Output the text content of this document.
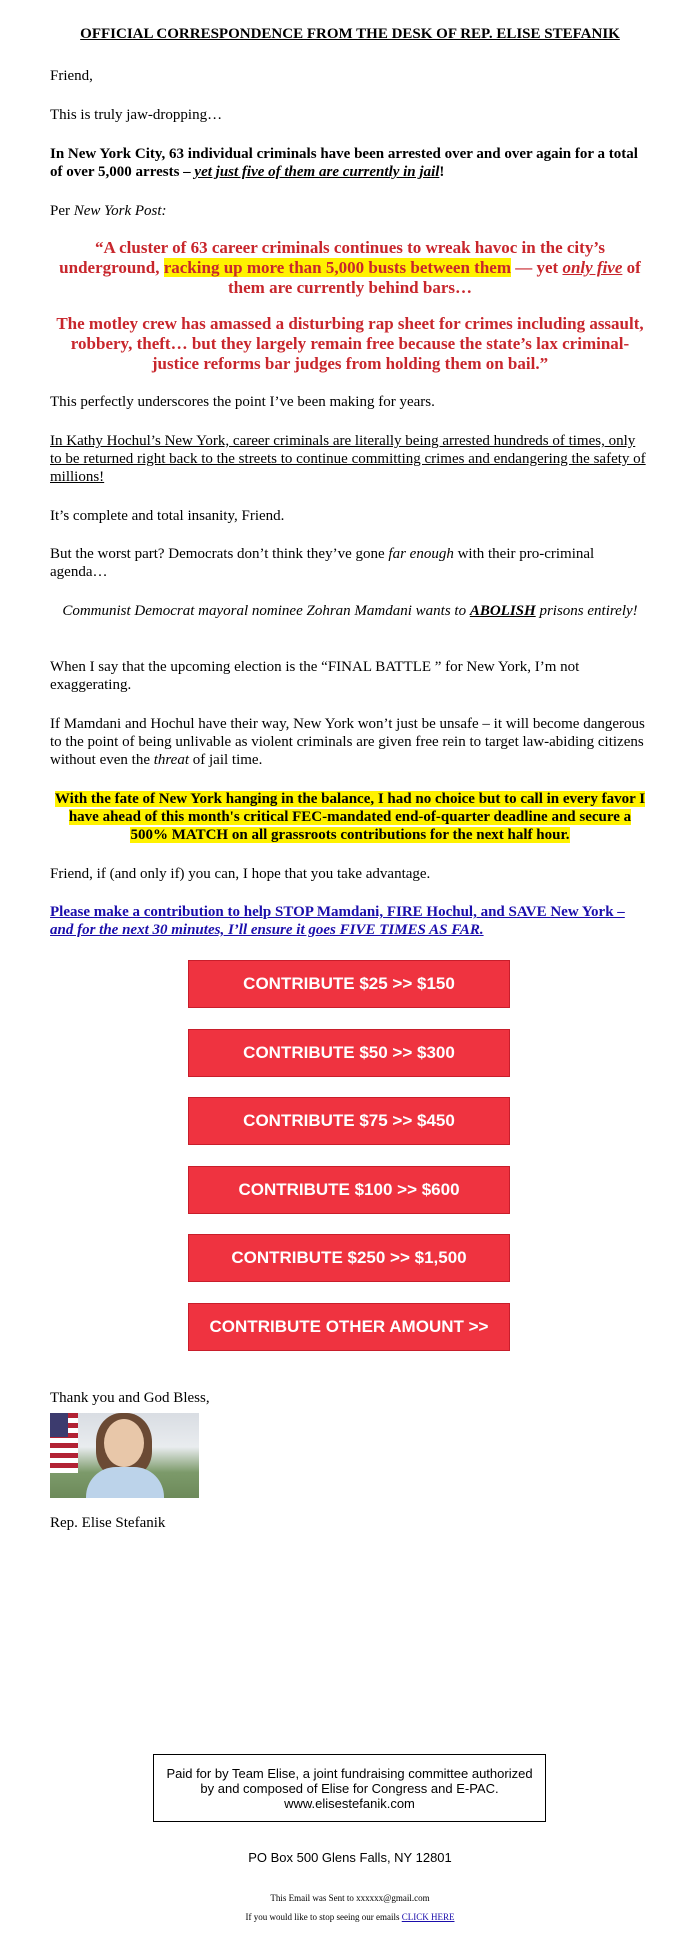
OFFICIAL CORRESPONDENCE FROM THE DESK OF REP. ELISE STEFANIK

Friend,

This is truly jaw-dropping…

In New York City, 63 individual criminals have been arrested over and over again for a total of over 5,000 arrests – yet just five of them are currently in jail!

Per New York Post:

“A cluster of 63 career criminals continues to wreak havoc in the city’s underground, racking up more than 5,000 busts between them — yet only five of them are currently behind bars…

The motley crew has amassed a disturbing rap sheet for crimes including assault, robbery, theft… but they largely remain free because the state’s lax criminal-justice reforms bar judges from holding them on bail.”

This perfectly underscores the point I’ve been making for years.

In Kathy Hochul’s New York, career criminals are literally being arrested hundreds of times, only to be returned right back to the streets to continue committing crimes and endangering the safety of millions!

It’s complete and total insanity, Friend.

But the worst part? Democrats don’t think they’ve gone far enough with their pro-criminal agenda…

Communist Democrat mayoral nominee Zohran Mamdani wants to ABOLISH prisons entirely!

When I say that the upcoming election is the “FINAL BATTLE ” for New York, I’m not exaggerating.

If Mamdani and Hochul have their way, New York won’t just be unsafe – it will become dangerous to the point of being unlivable as violent criminals are given free rein to target law-abiding citizens without even the threat of jail time.

With the fate of New York hanging in the balance, I had no choice but to call in every favor I have ahead of this month's critical FEC-mandated end-of-quarter deadline and secure a 500% MATCH on all grassroots contributions for the next half hour.

Friend, if (and only if) you can, I hope that you take advantage.

Please make a contribution to help STOP Mamdani, FIRE Hochul, and SAVE New York – and for the next 30 minutes, I’ll ensure it goes FIVE TIMES AS FAR.

CONTRIBUTE $25 >> $150
CONTRIBUTE $50 >> $300
CONTRIBUTE $75 >> $450
CONTRIBUTE $100 >> $600
CONTRIBUTE $250 >> $1,500
CONTRIBUTE OTHER AMOUNT >>

Thank you and God Bless,

Rep. Elise Stefanik

Paid for by Team Elise, a joint fundraising committee authorized by and composed of Elise for Congress and E-PAC. www.elisestefanik.com
PO Box 500 Glens Falls, NY 12801
This Email was Sent to xxxxxx@gmail.com
If you would like to stop seeing our emails CLICK HERE
